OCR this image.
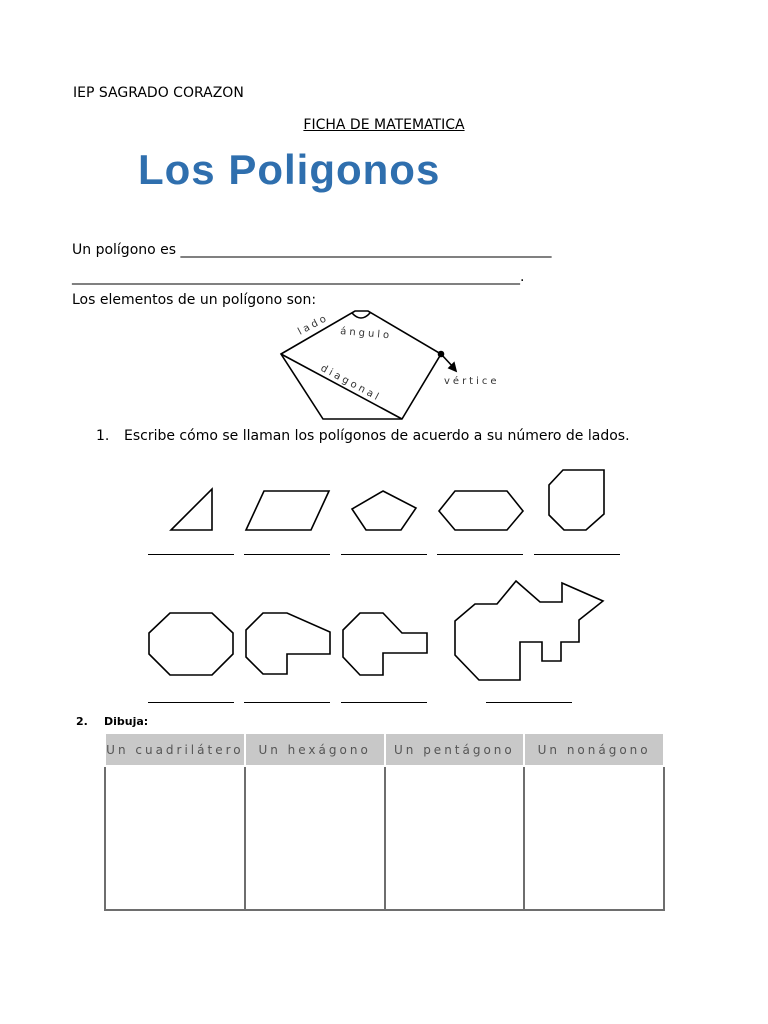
IEP SAGRADO CORAZON
FICHA DE MATEMATICA
Los Poligonos
Un polígono es _____________________________________________________
________________________________________________________________.
Los elementos de un polígono son:
lado ángulo
diagonal	vértice
1. Escribe cómo se llaman los polígonos de acuerdo a su número de lados.
2. Dibuja:
Un cuadrilátero	Un hexágono	Un pentágono	Un nonágono
